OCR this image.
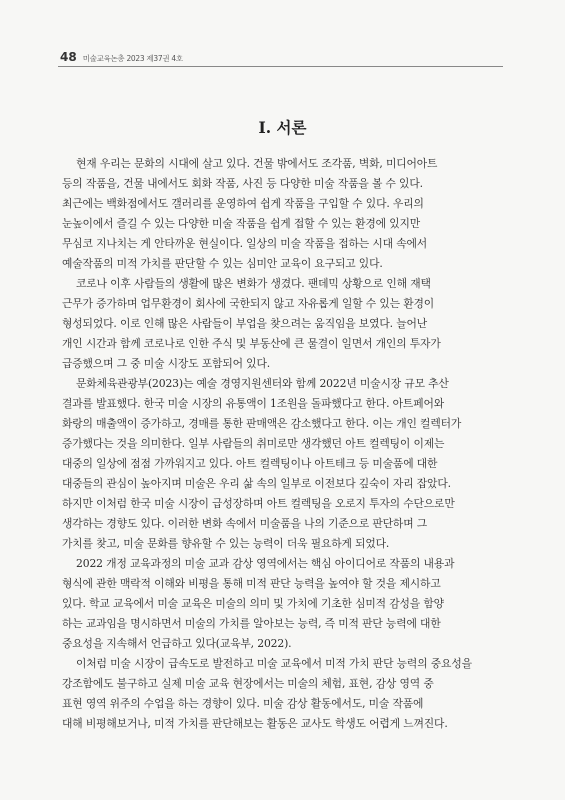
48 미술교육논총 2023 제37권 4호
Ⅰ. 서론
현재 우리는 문화의 시대에 살고 있다. 건물 밖에서도 조각품, 벽화, 미디어아트
등의 작품을, 건물 내에서도 회화 작품, 사진 등 다양한 미술 작품을 볼 수 있다.
최근에는 백화점에서도 갤러리를 운영하여 쉽게 작품을 구입할 수 있다. 우리의
눈높이에서 즐길 수 있는 다양한 미술 작품을 쉽게 접할 수 있는 환경에 있지만
무심코 지나치는 게 안타까운 현실이다. 일상의 미술 작품을 접하는 시대 속에서
예술작품의 미적 가치를 판단할 수 있는 심미안 교육이 요구되고 있다.
코로나 이후 사람들의 생활에 많은 변화가 생겼다. 팬데믹 상황으로 인해 재택
근무가 증가하며 업무환경이 회사에 국한되지 않고 자유롭게 일할 수 있는 환경이
형성되었다. 이로 인해 많은 사람들이 부업을 찾으려는 움직임을 보였다. 늘어난
개인 시간과 함께 코로나로 인한 주식 및 부동산에 큰 물결이 일면서 개인의 투자가
급증했으며 그 중 미술 시장도 포함되어 있다.
문화체육관광부(2023)는 예술 경영지원센터와 함께 2022년 미술시장 규모 추산
결과를 발표했다. 한국 미술 시장의 유통액이 1조원을 돌파했다고 한다. 아트페어와
화랑의 매출액이 증가하고, 경매를 통한 판매액은 감소했다고 한다. 이는 개인 컬렉터가
증가했다는 것을 의미한다. 일부 사람들의 취미로만 생각했던 아트 컬렉팅이 이제는
대중의 일상에 점점 가까워지고 있다. 아트 컬렉팅이나 아트테크 등 미술품에 대한
대중들의 관심이 높아지며 미술은 우리 삶 속의 일부로 이전보다 깊숙이 자리 잡았다.
하지만 이처럼 한국 미술 시장이 급성장하며 아트 컬렉팅을 오로지 투자의 수단으로만
생각하는 경향도 있다. 이러한 변화 속에서 미술품을 나의 기준으로 판단하며 그
가치를 찾고, 미술 문화를 향유할 수 있는 능력이 더욱 필요하게 되었다.
2022 개정 교육과정의 미술 교과 감상 영역에서는 핵심 아이디어로 작품의 내용과
형식에 관한 맥락적 이해와 비평을 통해 미적 판단 능력을 높여야 할 것을 제시하고
있다. 학교 교육에서 미술 교육은 미술의 의미 및 가치에 기초한 심미적 감성을 함양
하는 교과임을 명시하면서 미술의 가치를 알아보는 능력, 즉 미적 판단 능력에 대한
중요성을 지속해서 언급하고 있다(교육부, 2022).
이처럼 미술 시장이 급속도로 발전하고 미술 교육에서 미적 가치 판단 능력의 중요성을
강조함에도 불구하고 실제 미술 교육 현장에서는 미술의 체험, 표현, 감상 영역 중
표현 영역 위주의 수업을 하는 경향이 있다. 미술 감상 활동에서도, 미술 작품에
대해 비평해보거나, 미적 가치를 판단해보는 활동은 교사도 학생도 어렵게 느껴진다.
